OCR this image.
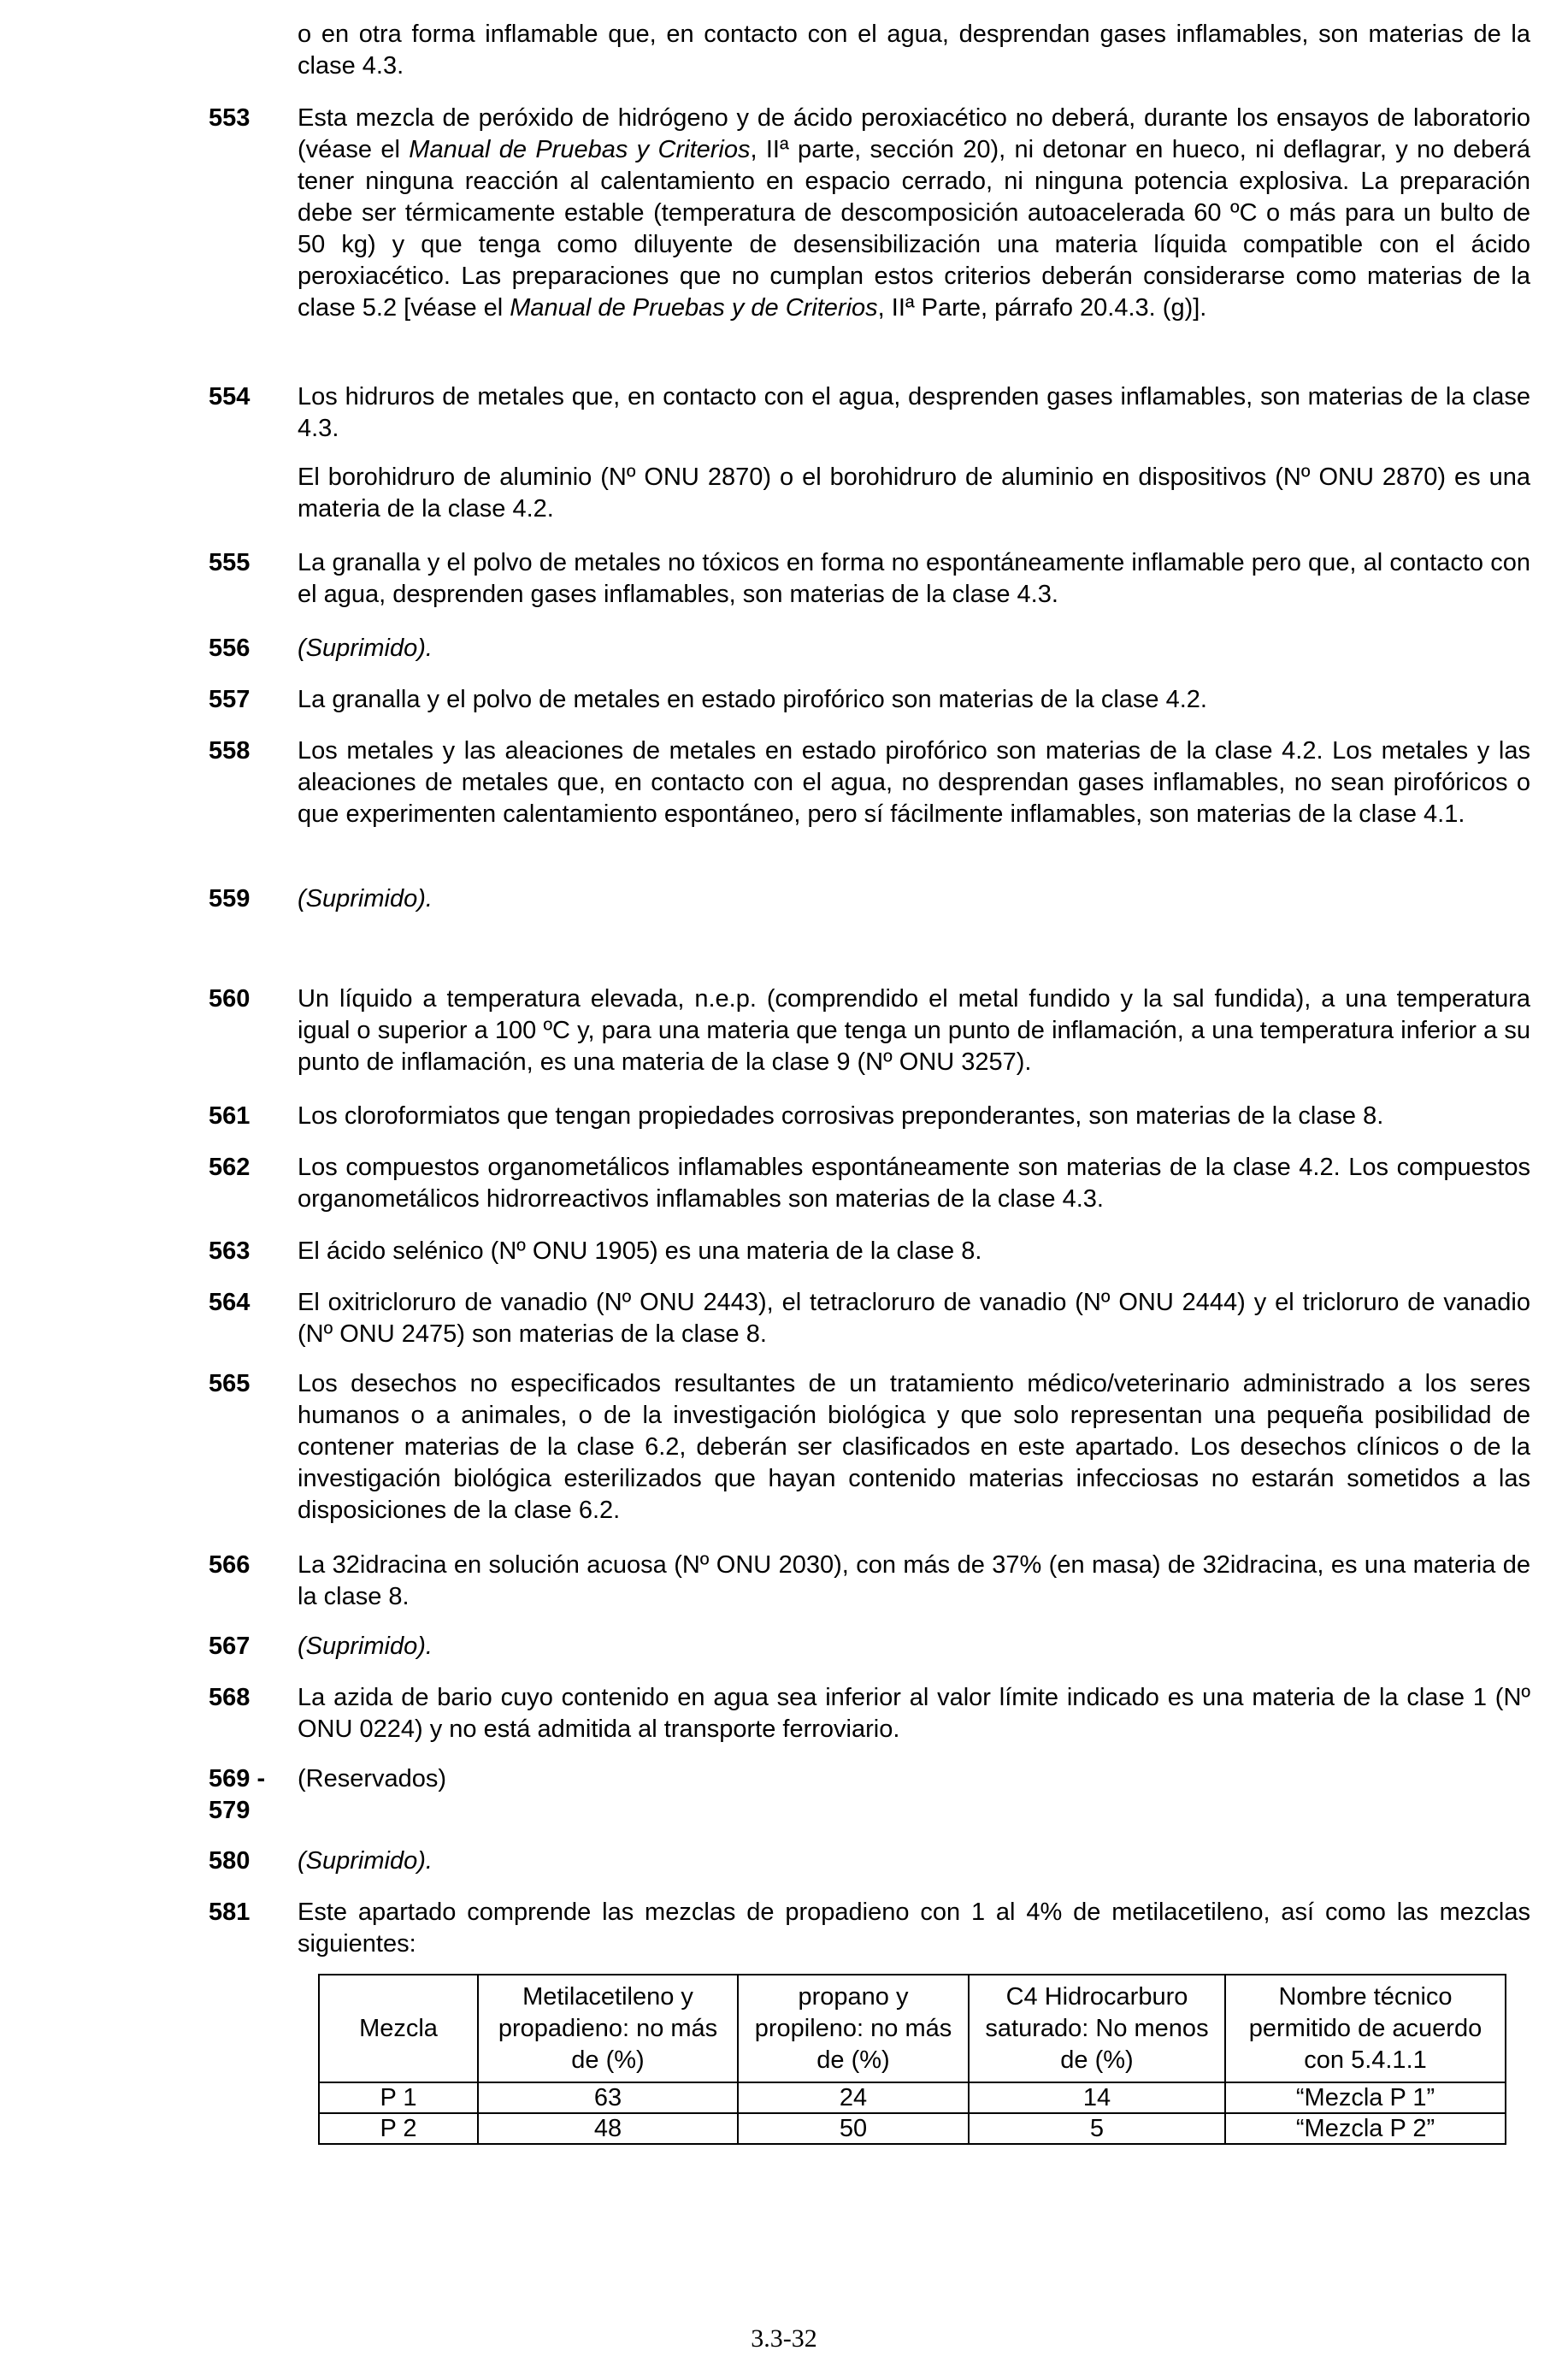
o en otra forma inflamable que, en contacto con el agua, desprendan gases inflamables, son materias de la clase 4.3.

553 Esta mezcla de peróxido de hidrógeno y de ácido peroxiacético no deberá, durante los ensayos de laboratorio (véase el Manual de Pruebas y Criterios, IIª parte, sección 20), ni detonar en hueco, ni deflagrar, y no deberá tener ninguna reacción al calentamiento en espacio cerrado, ni ninguna potencia explosiva. La preparación debe ser térmicamente estable (temperatura de descomposición autoacelerada 60 ºC o más para un bulto de 50 kg) y que tenga como diluyente de desensibilización una materia líquida compatible con el ácido peroxiacético. Las preparaciones que no cumplan estos criterios deberán considerarse como materias de la clase 5.2 [véase el Manual de Pruebas y de Criterios, IIª Parte, párrafo 20.4.3. (g)].

554 Los hidruros de metales que, en contacto con el agua, desprenden gases inflamables, son materias de la clase 4.3.

El borohidruro de aluminio (Nº ONU 2870) o el borohidruro de aluminio en dispositivos (Nº ONU 2870) es una materia de la clase 4.2.

555 La granalla y el polvo de metales no tóxicos en forma no espontáneamente inflamable pero que, al contacto con el agua, desprenden gases inflamables, son materias de la clase 4.3.

556 (Suprimido).

557 La granalla y el polvo de metales en estado pirofórico son materias de la clase 4.2.

558 Los metales y las aleaciones de metales en estado pirofórico son materias de la clase 4.2. Los metales y las aleaciones de metales que, en contacto con el agua, no desprendan gases inflamables, no sean pirofóricos o que experimenten calentamiento espontáneo, pero sí fácilmente inflamables, son materias de la clase 4.1.

559 (Suprimido).

560 Un líquido a temperatura elevada, n.e.p. (comprendido el metal fundido y la sal fundida), a una temperatura igual o superior a 100 ºC y, para una materia que tenga un punto de inflamación, a una temperatura inferior a su punto de inflamación, es una materia de la clase 9 (Nº ONU 3257).

561 Los cloroformiatos que tengan propiedades corrosivas preponderantes, son materias de la clase 8.

562 Los compuestos organometálicos inflamables espontáneamente son materias de la clase 4.2. Los compuestos organometálicos hidrorreactivos inflamables son materias de la clase 4.3.

563 El ácido selénico (Nº ONU 1905) es una materia de la clase 8.

564 El oxitricloruro de vanadio (Nº ONU 2443), el tetracloruro de vanadio (Nº ONU 2444) y el tricloruro de vanadio (Nº ONU 2475) son materias de la clase 8.

565 Los desechos no especificados resultantes de un tratamiento médico/veterinario administrado a los seres humanos o a animales, o de la investigación biológica y que solo representan una pequeña posibilidad de contener materias de la clase 6.2, deberán ser clasificados en este apartado. Los desechos clínicos o de la investigación biológica esterilizados que hayan contenido materias infecciosas no estarán sometidos a las disposiciones de la clase 6.2.

566 La 32idracina en solución acuosa (Nº ONU 2030), con más de 37% (en masa) de 32idracina, es una materia de la clase 8.

567 (Suprimido).

568 La azida de bario cuyo contenido en agua sea inferior al valor límite indicado es una materia de la clase 1 (Nº ONU 0224) y no está admitida al transporte ferroviario.

569 -
579

(Reservados)

580 (Suprimido).

581 Este apartado comprende las mezclas de propadieno con 1 al 4% de metilacetileno, así como las mezclas siguientes:

Mezcla	Metilacetileno y propadieno: no más de (%)	propano y propileno: no más de (%)	C4 Hidrocarburo saturado: No menos de (%)	Nombre técnico permitido de acuerdo con 5.4.1.1
P 1	63	24	14	“Mezcla P 1”
P 2	48	50	5	“Mezcla P 2”
3.3-32
